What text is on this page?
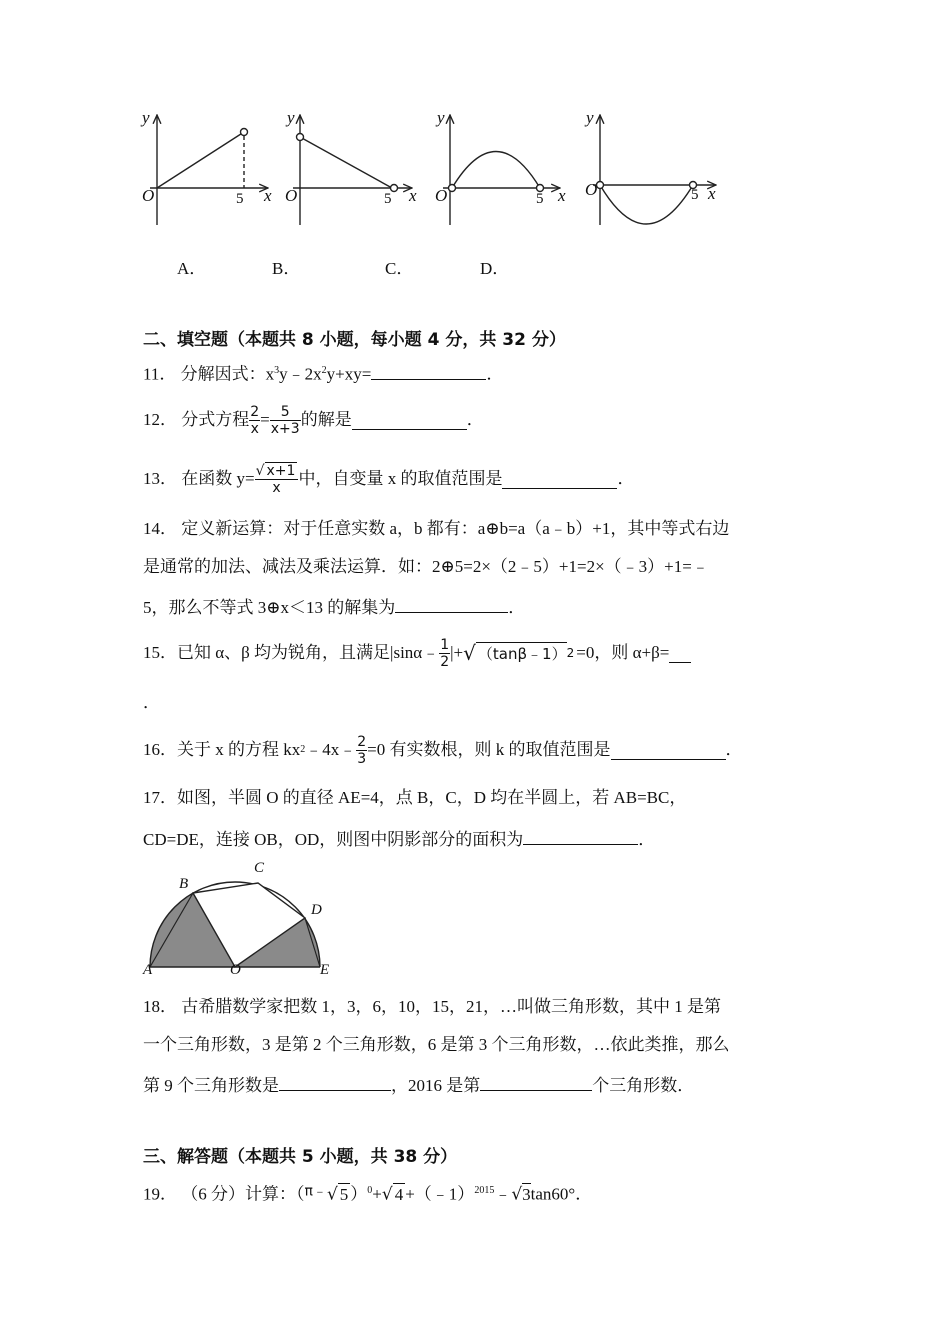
y
O	5 x
y
O	5 x
y
O	5 x
y
O	5 x
A．	B．	C．	D．
二、填空题（本题共 8 小题，每小题 4 分，共 32 分）
11． 分解因式：$x^3y﹣2x^2y+xy=$	．
12． 分式方程 $\frac{2}{x} = \frac{5}{x+3}$ 的解是	．
13． 在函数 $y= \frac{√ x+1}{x}$ 中，自变量 x 的取值范围是	．
14． 定义新运算：对于任意实数 a，b 都有：a⊕b=a（a﹣b）+1，其中等式右边
是通常的加法、减法及乘法运算．如：2⊕5=2×（2﹣5）+1=2×（﹣3）+1=﹣
5，那么不等式 3⊕x＜13 的解集为	．
15．已知 α、β 均为锐角，且满足|sinα﹣ $\frac{1}{2}$ |+ √ （tanβ﹣1） 2 =0，则 α+β=
．
16．关于 x 的方程 kx 2 ﹣4x﹣ $\frac{2}{3} =0$ 有实数根，则 k 的取值范围是	．
17．如图，半圆 O 的直径 AE=4，点 B，C，D 均在半圆上，若 AB=BC，
CD=DE，连接 OB，OD，则图中阴影部分的面积为	．
A
B
C
D
E
O
18． 古希腊数学家把数 1，3，6，10，15，21，…叫做三角形数，其中 1 是第
一个三角形数，3 是第 2 个三角形数，6 是第 3 个三角形数，…依此类推，那么
第 9 个三角形数是	，2016 是第	个三角形数．
三、解答题（本题共 5 小题，共 38 分）
19． （6 分）计算：（$^{\pi﹣}$√ 5 ）$^0$+√ 4 +（﹣1）$^{2015}$﹣√3tan60°．
